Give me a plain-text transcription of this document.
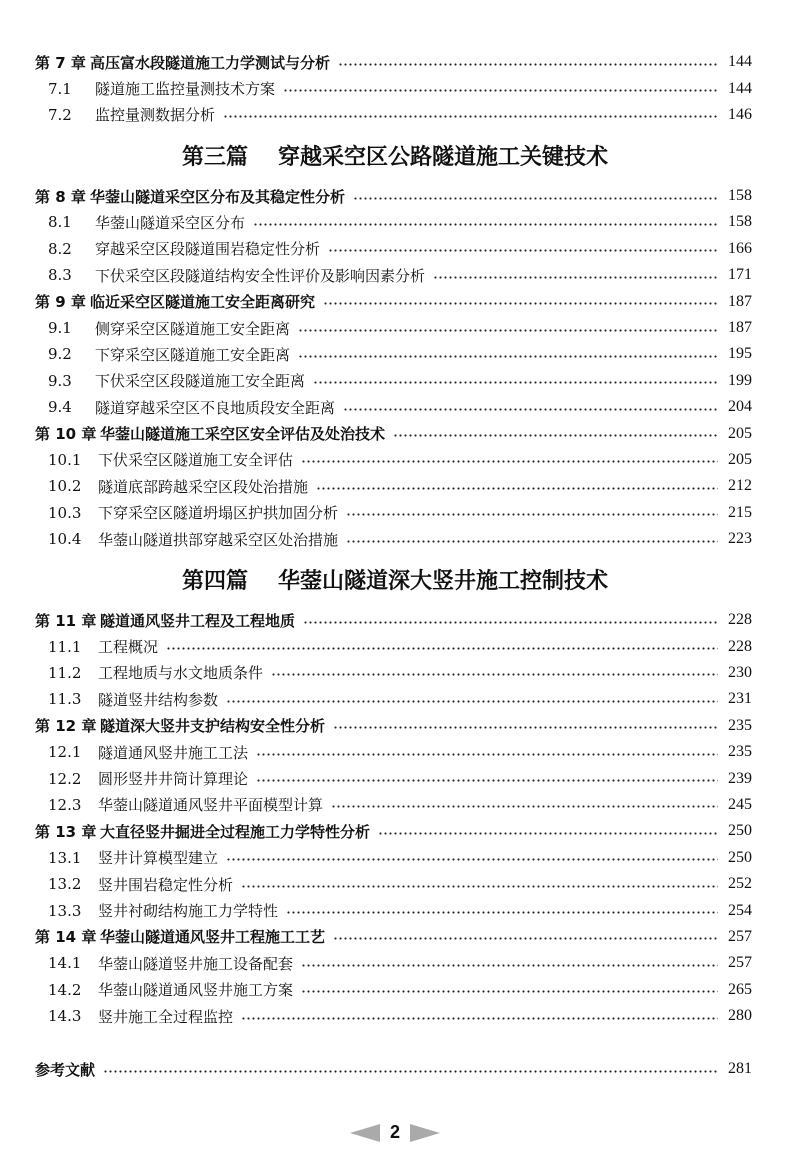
第 7 章 高压富水段隧道施工力学测试与分析	144
7.1	隧道施工监控量测技术方案	144
7.2	监控量测数据分析	146
第三篇 穿越采空区公路隧道施工关键技术
第 8 章 华蓥山隧道采空区分布及其稳定性分析	158
8.1	华蓥山隧道采空区分布	158
8.2	穿越采空区段隧道围岩稳定性分析	166
8.3	下伏采空区段隧道结构安全性评价及影响因素分析	171
第 9 章 临近采空区隧道施工安全距离研究	187
9.1	侧穿采空区隧道施工安全距离	187
9.2	下穿采空区隧道施工安全距离	195
9.3	下伏采空区段隧道施工安全距离	199
9.4	隧道穿越采空区不良地质段安全距离	204
第 10 章 华蓥山隧道施工采空区安全评估及处治技术	205
10.1	下伏采空区隧道施工安全评估	205
10.2	隧道底部跨越采空区段处治措施	212
10.3	下穿采空区隧道坍塌区护拱加固分析	215
10.4	华蓥山隧道拱部穿越采空区处治措施	223
第四篇 华蓥山隧道深大竖井施工控制技术
第 11 章 隧道通风竖井工程及工程地质	228
11.1	工程概况	228
11.2	工程地质与水文地质条件	230
11.3	隧道竖井结构参数	231
第 12 章 隧道深大竖井支护结构安全性分析	235
12.1	隧道通风竖井施工工法	235
12.2	圆形竖井井筒计算理论	239
12.3	华蓥山隧道通风竖井平面模型计算	245
第 13 章 大直径竖井掘进全过程施工力学特性分析	250
13.1	竖井计算模型建立	250
13.2	竖井围岩稳定性分析	252
13.3	竖井衬砌结构施工力学特性	254
第 14 章 华蓥山隧道通风竖井工程施工工艺	257
14.1	华蓥山隧道竖井施工设备配套	257
14.2	华蓥山隧道通风竖井施工方案	265
14.3	竖井施工全过程监控	280
参考文献	281
2
